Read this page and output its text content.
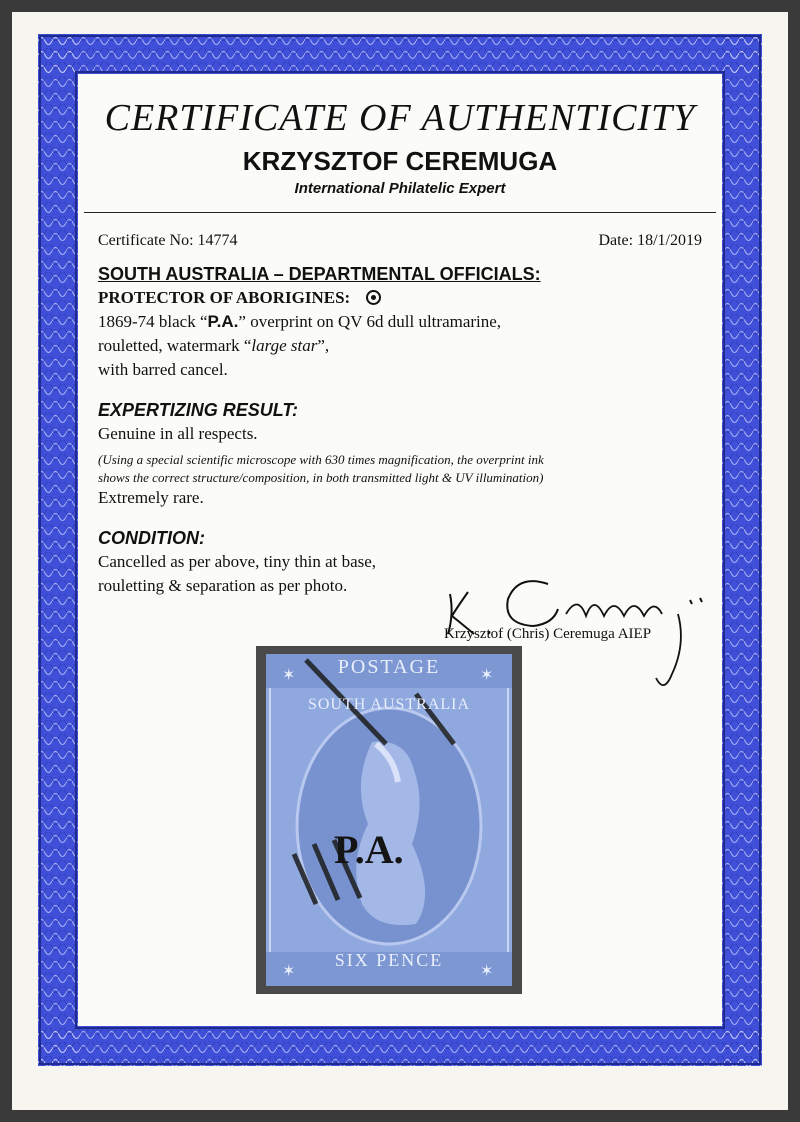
CERTIFICATE OF AUTHENTICITY
KRZYSZTOF CEREMUGA
International Philatelic Expert
Certificate No: 14774	Date: 18/1/2019
SOUTH AUSTRALIA – DEPARTMENTAL OFFICIALS:
PROTECTOR OF ABORIGINES:
1869-74 black “P.A.” overprint on QV 6d dull ultramarine,
rouletted, watermark “large star”,
with barred cancel.
EXPERTIZING RESULT:
Genuine in all respects.
(Using a special scientific microscope with 630 times magnification, the overprint ink
shows the correct structure/composition, in both transmitted light & UV illumination)
Extremely rare.
CONDITION:
Cancelled as per above, tiny thin at base,
rouletting & separation as per photo.
Krzysztof (Chris) Ceremuga AIEP
✶	✶
✶	✶
POSTAGE
SOUTH AUSTRALIA
P.A.
SIX PENCE
